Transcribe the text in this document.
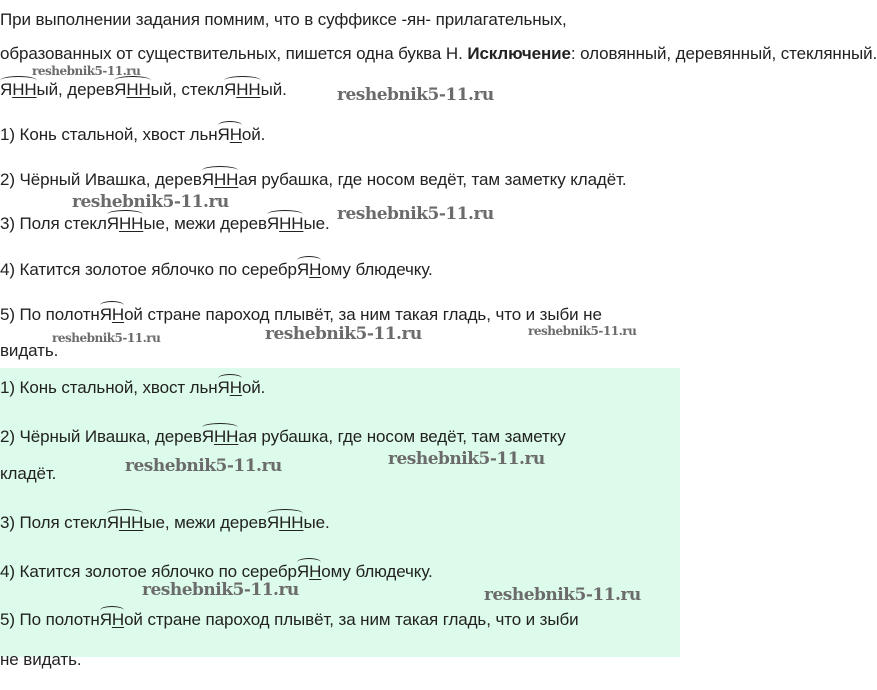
При выполнении задания помним, что в суффиксе -ян- прилагательных,
образованных от существительных, пишется одна буква Н. Исключение: оловянный, деревянный, стеклянный.
ЯННый, деревЯННый, стеклЯННый.
1) Конь стальной, хвост льнЯНой.
2) Чёрный Ивашка, деревЯННая рубашка, где носом ведёт, там заметку кладёт.
3) Поля стеклЯННые, межи деревЯННые.
4) Катится золотое яблочко по серебрЯНому блюдечку.
5) По полотнЯНой стране пароход плывёт, за ним такая гладь, что и зыби не
видать.
1) Конь стальной, хвост льнЯНой.
2) Чёрный Ивашка, деревЯННая рубашка, где носом ведёт, там заметку
кладёт.
3) Поля стеклЯННые, межи деревЯННые.
4) Катится золотое яблочко по серебрЯНому блюдечку.
5) По полотнЯНой стране пароход плывёт, за ним такая гладь, что и зыби
не видать.
reshebnik5-11.ru
reshebnik5-11.ru
reshebnik5-11.ru
reshebnik5-11.ru
reshebnik5-11.ru	reshebnik5-11.ru	reshebnik5-11.ru
reshebnik5-11.ru	reshebnik5-11.ru
reshebnik5-11.ru	reshebnik5-11.ru
